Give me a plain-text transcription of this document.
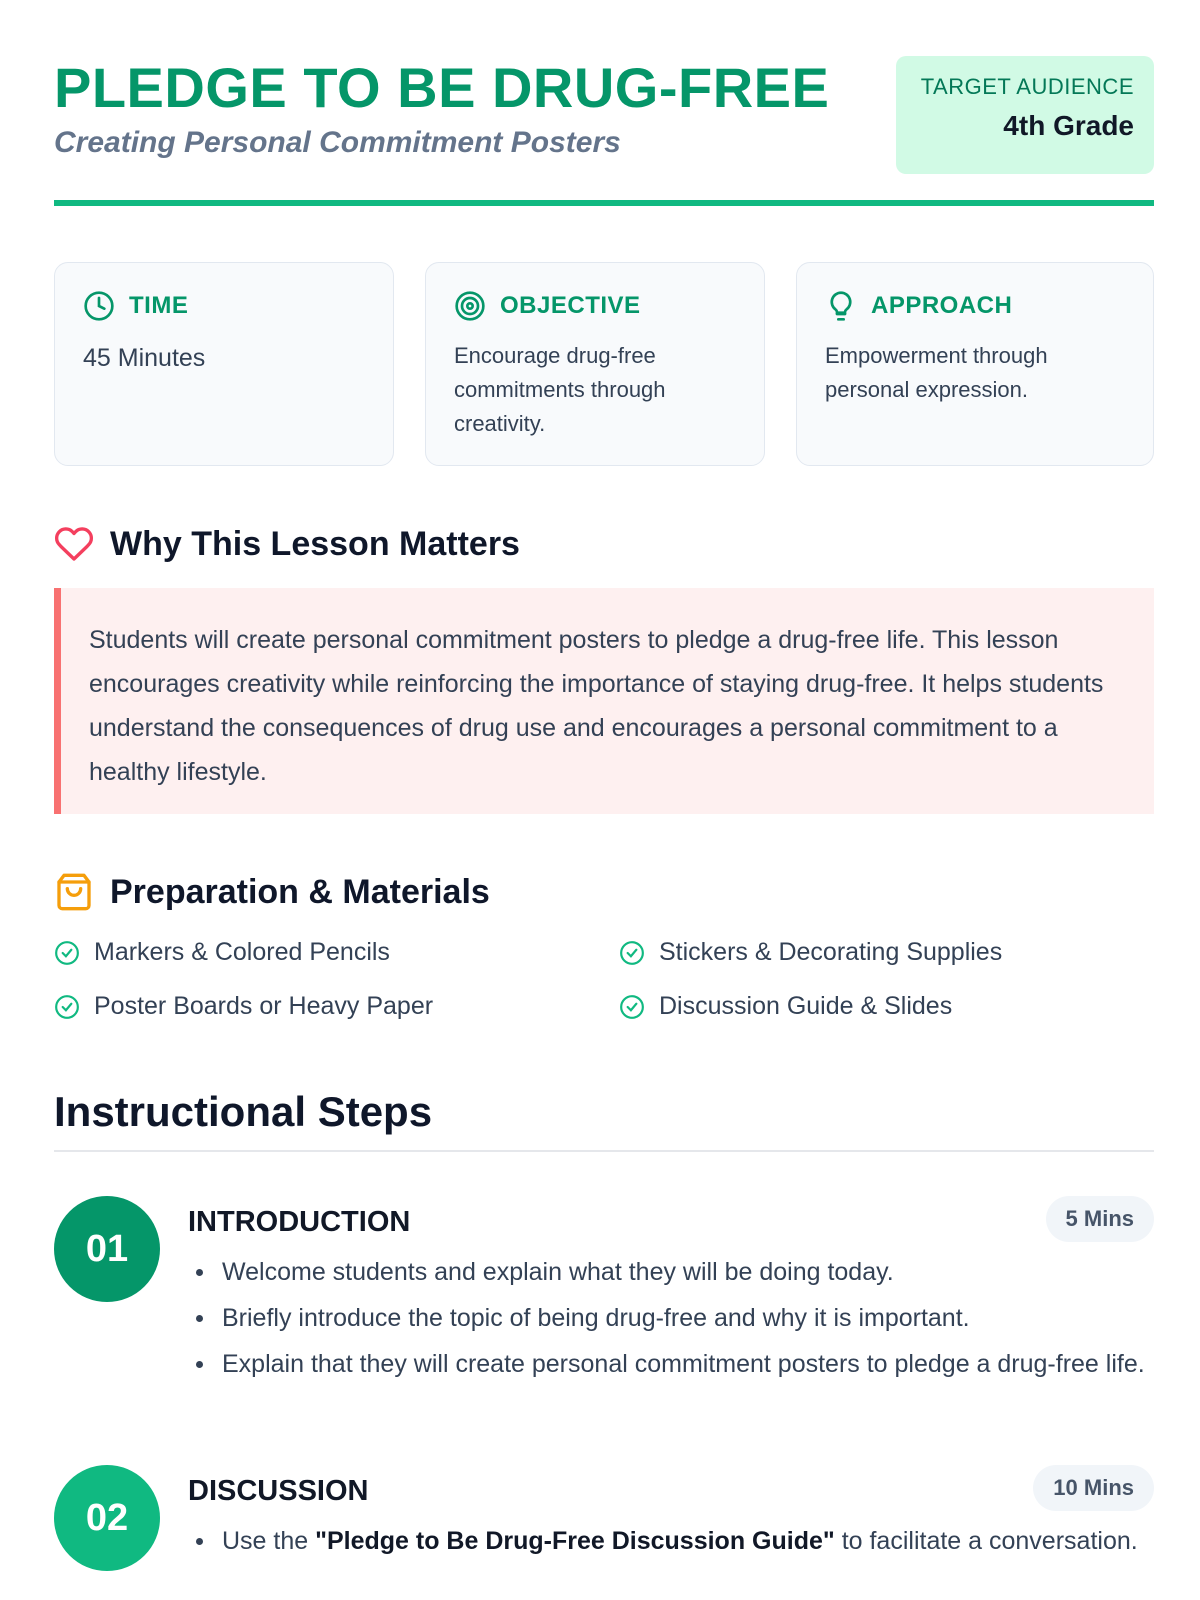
PLEDGE TO BE DRUG-FREE
Creating Personal Commitment Posters
TARGET AUDIENCE
4th Grade
TIME
45 Minutes
OBJECTIVE
Encourage drug-free commitments through creativity.
APPROACH
Empowerment through personal expression.
Why This Lesson Matters
Students will create personal commitment posters to pledge a drug-free life. This lesson encourages creativity while reinforcing the importance of staying drug-free. It helps students understand the consequences of drug use and encourages a personal commitment to a healthy lifestyle.
Preparation & Materials
Markers & Colored Pencils	Stickers & Decorating Supplies
Poster Boards or Heavy Paper	Discussion Guide & Slides
Instructional Steps
01
INTRODUCTION	5 Mins
Welcome students and explain what they will be doing today.
Briefly introduce the topic of being drug-free and why it is important.
Explain that they will create personal commitment posters to pledge a drug-free life.
02
DISCUSSION	10 Mins
Use the "Pledge to Be Drug-Free Discussion Guide" to facilitate a conversation.
